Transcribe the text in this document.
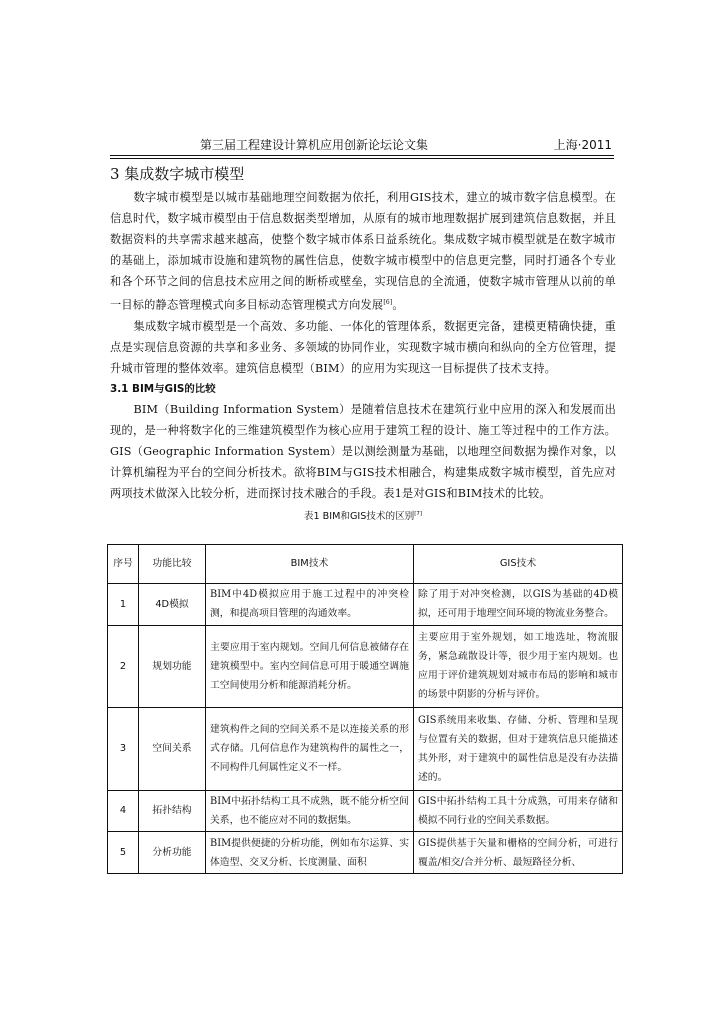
第三届工程建设计算机应用创新论坛论文集	上海·2011
3 集成数字城市模型

数字城市模型是以城市基础地理空间数据为依托，利用GIS技术，建立的城市数字信息模型。在信息时代，数字城市模型由于信息数据类型增加，从原有的城市地理数据扩展到建筑信息数据，并且数据资料的共享需求越来越高，使整个数字城市体系日益系统化。集成数字城市模型就是在数字城市的基础上，添加城市设施和建筑物的属性信息，使数字城市模型中的信息更完整，同时打通各个专业和各个环节之间的信息技术应用之间的断桥或壁垒，实现信息的全流通，使数字城市管理从以前的单一目标的静态管理模式向多目标动态管理模式方向发展[6]。

集成数字城市模型是一个高效、多功能、一体化的管理体系，数据更完备，建模更精确快捷，重点是实现信息资源的共享和多业务、多领域的协同作业，实现数字城市横向和纵向的全方位管理，提升城市管理的整体效率。建筑信息模型（BIM）的应用为实现这一目标提供了技术支持。

3.1 BIM与GIS的比较

BIM（Building Information System）是随着信息技术在建筑行业中应用的深入和发展而出现的，是一种将数字化的三维建筑模型作为核心应用于建筑工程的设计、施工等过程中的工作方法。GIS（Geographic Information System）是以测绘测量为基础，以地理空间数据为操作对象，以计算机编程为平台的空间分析技术。欲将BIM与GIS技术相融合，构建集成数字城市模型，首先应对两项技术做深入比较分析，进而探讨技术融合的手段。表1是对GIS和BIM技术的比较。

表1 BIM和GIS技术的区别[7]
序号	功能比较	BIM技术	GIS技术
1	4D模拟	BIM中4D模拟应用于施工过程中的冲突检测，和提高项目管理的沟通效率。	除了用于对冲突检测，以GIS为基础的4D模拟，还可用于地理空间环境的物流业务整合。
2	规划功能	主要应用于室内规划。空间几何信息被储存在建筑模型中。室内空间信息可用于暖通空调施工空间使用分析和能源消耗分析。	主要应用于室外规划，如工地选址，物流服务，紧急疏散设计等，很少用于室内规划。也应用于评价建筑规划对城市布局的影响和城市的场景中阴影的分析与评价。
3	空间关系	建筑构件之间的空间关系不是以连接关系的形式存储。几何信息作为建筑构件的属性之一，不同构件几何属性定义不一样。	GIS系统用来收集、存储、分析、管理和呈现与位置有关的数据，但对于建筑信息只能描述其外形，对于建筑中的属性信息是没有办法描述的。
4	拓扑结构	BIM中拓扑结构工具不成熟，既不能分析空间关系，也不能应对不同的数据集。	GIS中拓扑结构工具十分成熟，可用来存储和模拟不同行业的空间关系数据。
5	分析功能	BIM提供便捷的分析功能，例如布尔运算、实体造型、交叉分析、长度测量、面积	GIS提供基于矢量和栅格的空间分析，可进行覆盖/相交/合并分析、最短路径分析、
